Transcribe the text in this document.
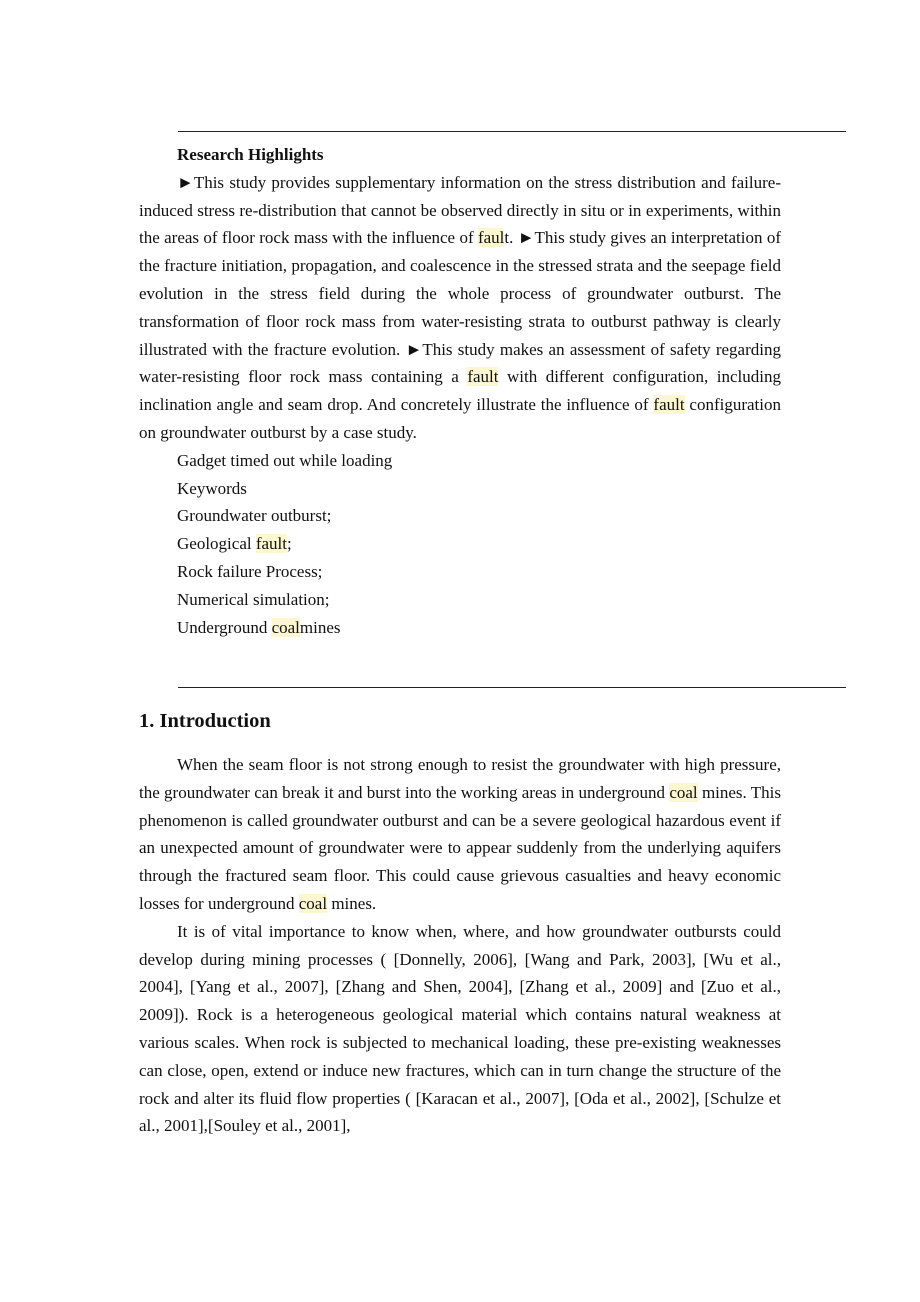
Research Highlights

►This study provides supplementary information on the stress distribution and failure-induced stress re-distribution that cannot be observed directly in situ or in experiments, within the areas of floor rock mass with the influence of fault. ►This study gives an interpretation of the fracture initiation, propagation, and coalescence in the stressed strata and the seepage field evolution in the stress field during the whole process of groundwater outburst. The transformation of floor rock mass from water-resisting strata to outburst pathway is clearly illustrated with the fracture evolution. ►This study makes an assessment of safety regarding water-resisting floor rock mass containing a fault with different configuration, including inclination angle and seam drop. And concretely illustrate the influence of fault configuration on groundwater outburst by a case study.

Gadget timed out while loading

Keywords

Groundwater outburst;

Geological fault;

Rock failure Process;

Numerical simulation;

Underground coalmines

1. Introduction

When the seam floor is not strong enough to resist the groundwater with high pressure, the groundwater can break it and burst into the working areas in underground coal mines. This phenomenon is called groundwater outburst and can be a severe geological hazardous event if an unexpected amount of groundwater were to appear suddenly from the underlying aquifers through the fractured seam floor. This could cause grievous casualties and heavy economic losses for underground coal mines.

It is of vital importance to know when, where, and how groundwater outbursts could develop during mining processes ( [Donnelly, 2006], [Wang and Park, 2003], [Wu et al., 2004], [Yang et al., 2007], [Zhang and Shen, 2004], [Zhang et al., 2009] and [Zuo et al., 2009]). Rock is a heterogeneous geological material which contains natural weakness at various scales. When rock is subjected to mechanical loading, these pre-existing weaknesses can close, open, extend or induce new fractures, which can in turn change the structure of the rock and alter its fluid flow properties ( [Karacan et al., 2007], [Oda et al., 2002], [Schulze et al., 2001],[Souley et al., 2001],
